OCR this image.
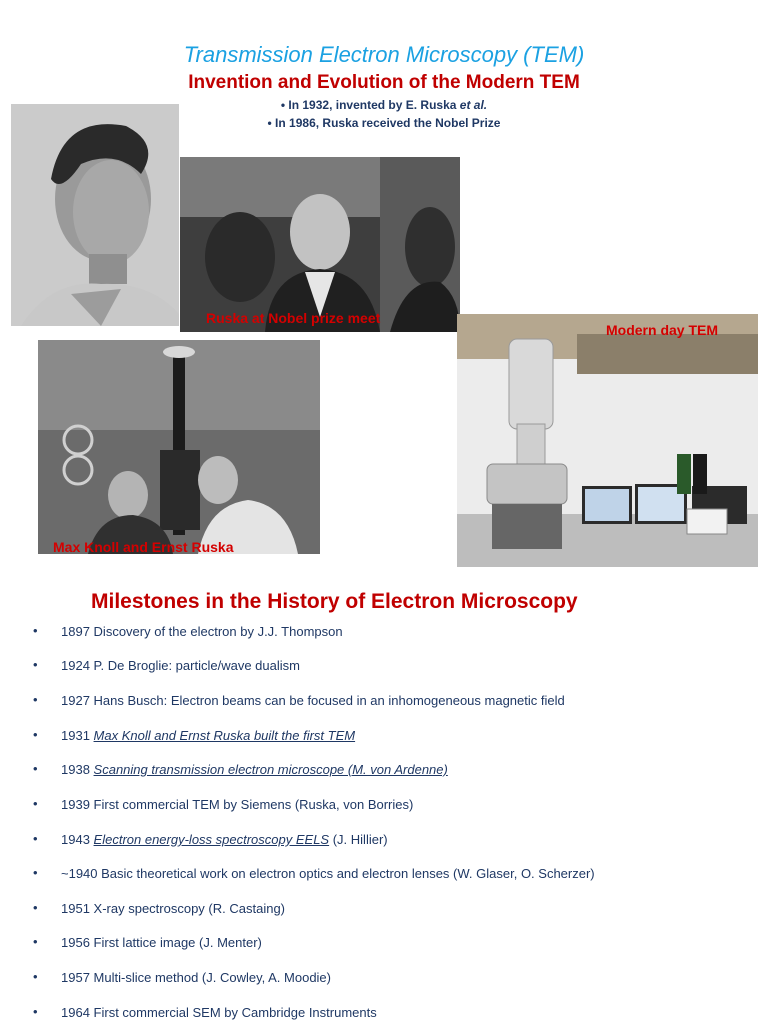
Transmission Electron Microscopy (TEM)
Invention and Evolution of the Modern TEM
• In 1932, invented by E. Ruska et al.
• In 1986, Ruska received the Nobel Prize
Ruska at Nobel prize meet
Max Knoll and Ernst Ruska
Modern day TEM
Milestones in the History of Electron Microscopy
• 1897 Discovery of the electron by J.J. Thompson
• 1924 P. De Broglie: particle/wave dualism
• 1927 Hans Busch: Electron beams can be focused in an inhomogeneous magnetic field
• 1931 Max Knoll and Ernst Ruska built the first TEM
• 1938 Scanning transmission electron microscope (M. von Ardenne)
• 1939 First commercial TEM by Siemens (Ruska, von Borries)
• 1943 Electron energy-loss spectroscopy EELS (J. Hillier)
• ~1940 Basic theoretical work on electron optics and electron lenses (W. Glaser, O. Scherzer)
• 1951 X-ray spectroscopy (R. Castaing)
• 1956 First lattice image (J. Menter)
• 1957 Multi-slice method (J. Cowley, A. Moodie)
• 1964 First commercial SEM by Cambridge Instruments
